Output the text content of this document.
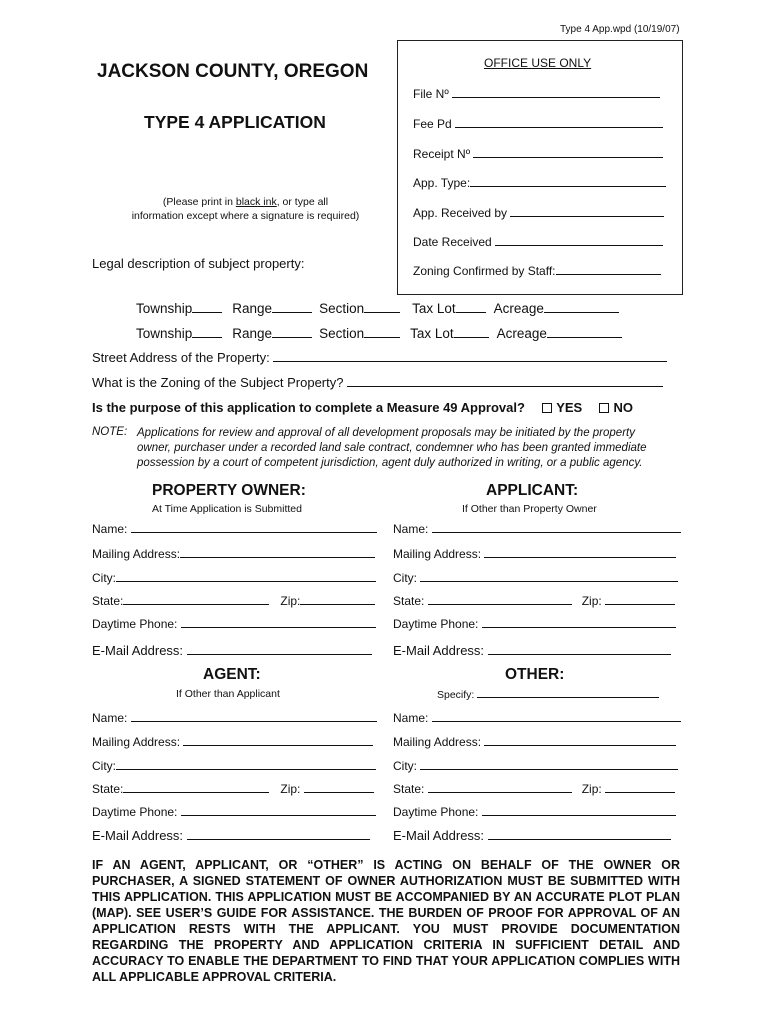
Type 4 App.wpd (10/19/07)
JACKSON COUNTY, OREGON
TYPE 4 APPLICATION
(Please print in black ink, or type all
information except where a signature is required)
Legal description of subject property:
OFFICE USE ONLY
File Nº
Fee Pd
Receipt Nº
App. Type:
App. Received by
Date Received
Zoning Confirmed by Staff:
Township	Range	Section	Tax Lot	Acreage
Township	Range	Section	Tax Lot	Acreage
Street Address of the Property:
What is the Zoning of the Subject Property?
Is the purpose of this application to complete a Measure 49 Approval? YES NO
NOTE: Applications for review and approval of all development proposals may be initiated by the property
owner, purchaser under a recorded land sale contract, condemner who has been granted immediate
possession by a court of competent jurisdiction, agent duly authorized in writing, or a public agency.
PROPERTY OWNER:
At Time Application is Submitted
APPLICANT:
If Other than Property Owner
Name:
Mailing Address:
City:
State:	Zip:
Daytime Phone:
E-Mail Address:
Name:
Mailing Address:
City:
State:	Zip:
Daytime Phone:
E-Mail Address:
AGENT:
If Other than Applicant
OTHER:
Specify:
Name:
Mailing Address:
City:
State:	Zip:
Daytime Phone:
E-Mail Address:
Name:
Mailing Address:
City:
State:	Zip:
Daytime Phone:
E-Mail Address:
IF AN AGENT, APPLICANT, OR “OTHER” IS ACTING ON BEHALF OF THE OWNER OR PURCHASER, A SIGNED STATEMENT OF OWNER AUTHORIZATION MUST BE SUBMITTED WITH THIS APPLICATION. THIS APPLICATION MUST BE ACCOMPANIED BY AN ACCURATE PLOT PLAN (MAP). SEE USER’S GUIDE FOR ASSISTANCE. THE BURDEN OF PROOF FOR APPROVAL OF AN APPLICATION RESTS WITH THE APPLICANT. YOU MUST PROVIDE DOCUMENTATION REGARDING THE PROPERTY AND APPLICATION CRITERIA IN SUFFICIENT DETAIL AND ACCURACY TO ENABLE THE DEPARTMENT TO FIND THAT YOUR APPLICATION COMPLIES WITH ALL APPLICABLE APPROVAL CRITERIA.
